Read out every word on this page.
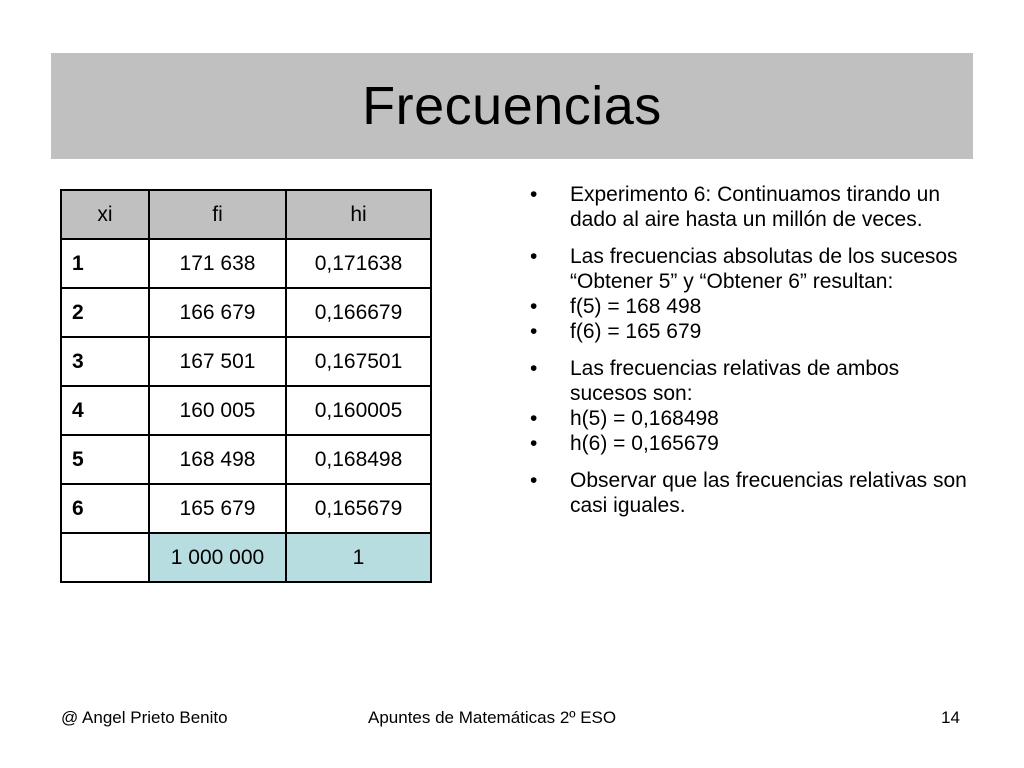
Frecuencias
xi	fi	hi
1	171 638	0,171638
2	166 679	0,166679
3	167 501	0,167501
4	160 005	0,160005
5	168 498	0,168498
6	165 679	0,165679
	1 000 000	1
• Experimento 6: Continuamos tirando un dado al aire hasta un millón de veces.
• Las frecuencias absolutas de los sucesos “Obtener 5” y “Obtener 6” resultan:
• f(5) = 168 498
• f(6) = 165 679
• Las frecuencias relativas de ambos sucesos son:
• h(5) = 0,168498
• h(6) = 0,165679
• Observar que las frecuencias relativas son casi iguales.
@ Angel Prieto Benito	Apuntes de Matemáticas 2º ESO	14
